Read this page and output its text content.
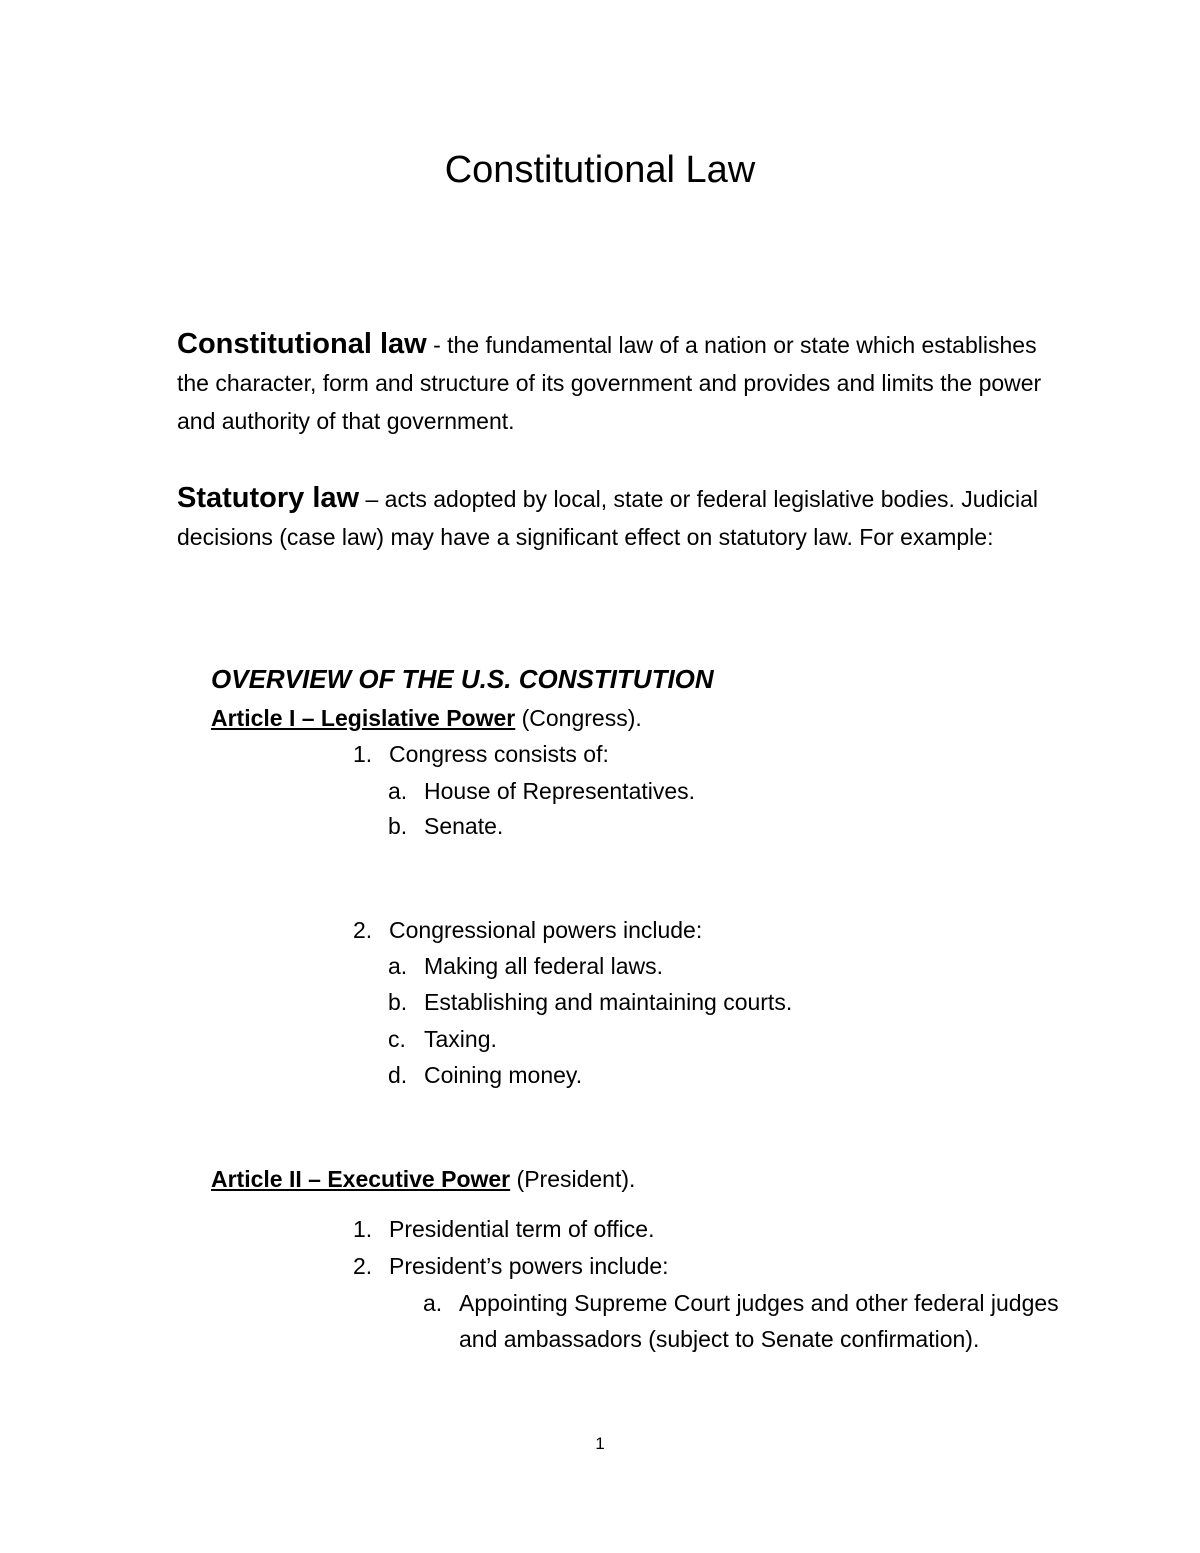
Constitutional Law
Constitutional law - the fundamental law of a nation or state which establishes the character, form and structure of its government and provides and limits the power and authority of that government.
Statutory law – acts adopted by local, state or federal legislative bodies. Judicial decisions (case law) may have a significant effect on statutory law. For example:
OVERVIEW OF THE U.S. CONSTITUTION
Article I – Legislative Power (Congress).
1. Congress consists of:
a. House of Representatives.
b. Senate.
2. Congressional powers include:
a. Making all federal laws.
b. Establishing and maintaining courts.
c. Taxing.
d. Coining money.
Article II – Executive Power (President).
1. Presidential term of office.
2. President’s powers include:
a. Appointing Supreme Court judges and other federal judges and ambassadors (subject to Senate confirmation).
1
